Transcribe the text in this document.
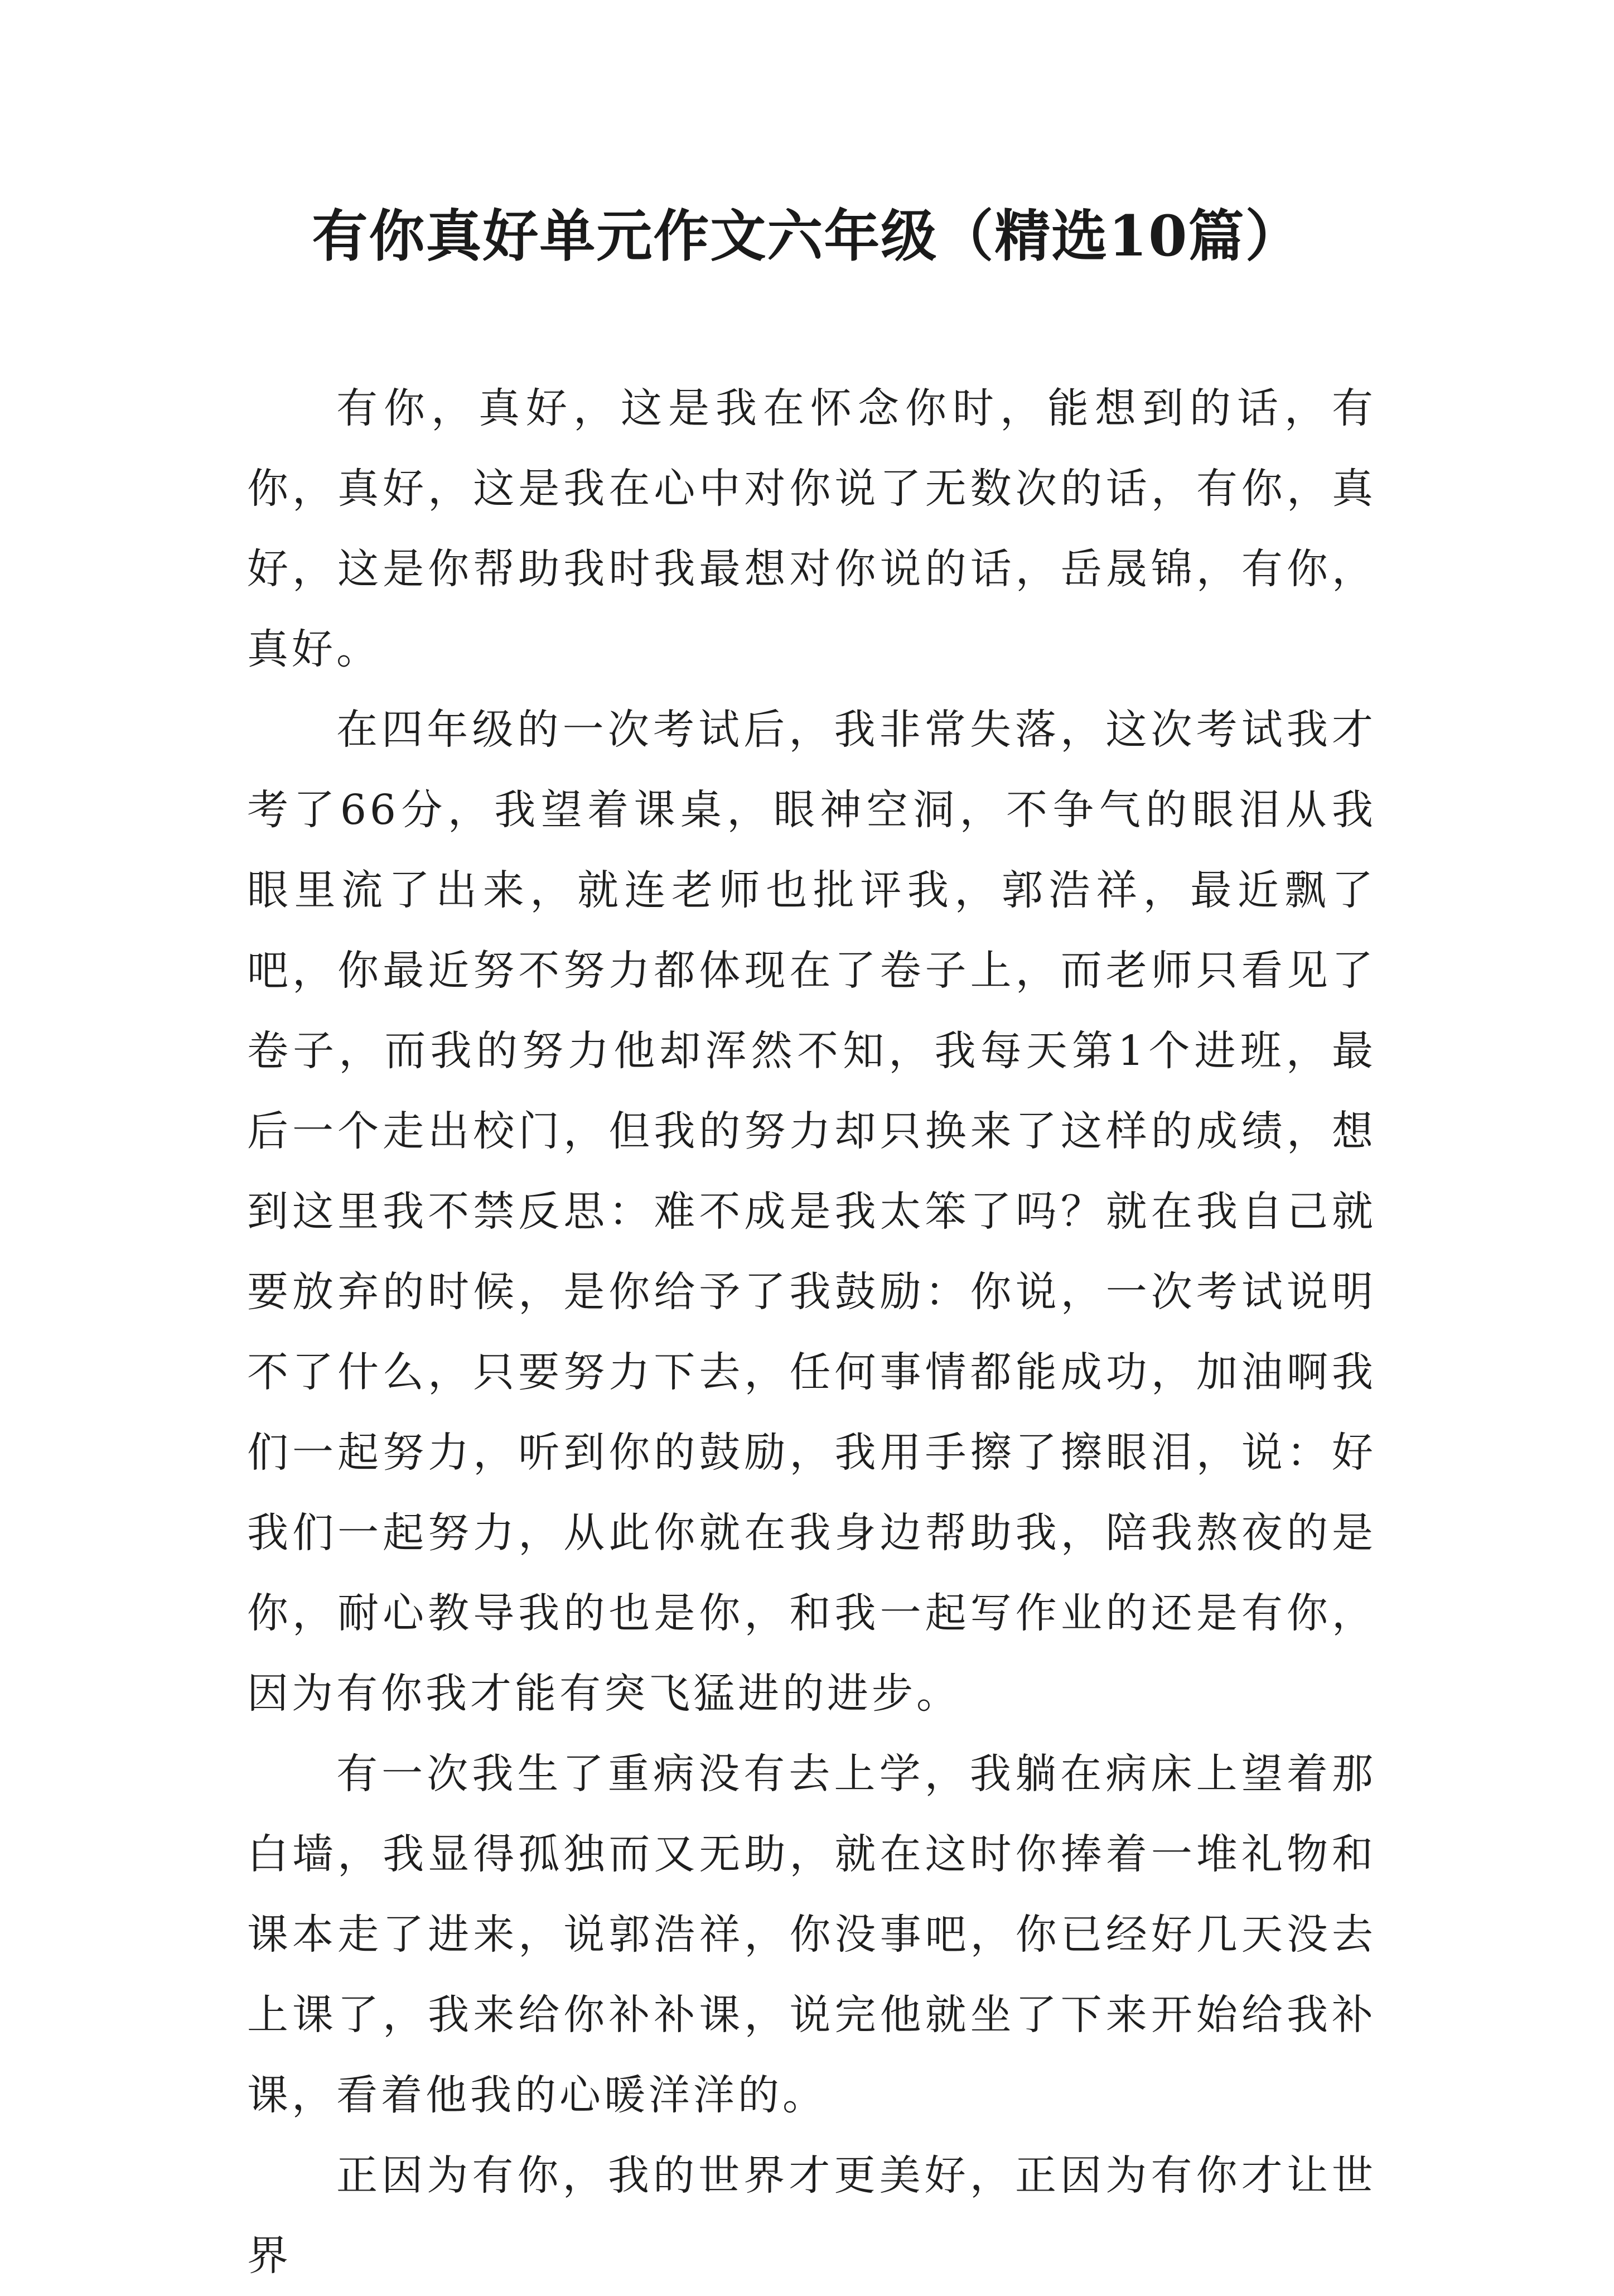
有你真好单元作文六年级（精选10篇）

有你，真好，这是我在怀念你时，能想到的话，有你，真好，这是我在心中对你说了无数次的话，有你，真好，这是你帮助我时我最想对你说的话，岳晟锦，有你，真好。

在四年级的一次考试后，我非常失落，这次考试我才考了66分，我望着课桌，眼神空洞，不争气的眼泪从我眼里流了出来，就连老师也批评我，郭浩祥，最近飘了吧，你最近努不努力都体现在了卷子上，而老师只看见了卷子，而我的努力他却浑然不知，我每天第1个进班，最后一个走出校门，但我的努力却只换来了这样的成绩，想到这里我不禁反思：难不成是我太笨了吗？就在我自己就要放弃的时候，是你给予了我鼓励：你说，一次考试说明不了什么，只要努力下去，任何事情都能成功，加油啊我们一起努力，听到你的鼓励，我用手擦了擦眼泪，说：好我们一起努力，从此你就在我身边帮助我，陪我熬夜的是你，耐心教导我的也是你，和我一起写作业的还是有你，因为有你我才能有突飞猛进的进步。

有一次我生了重病没有去上学，我躺在病床上望着那白墙，我显得孤独而又无助，就在这时你捧着一堆礼物和课本走了进来，说郭浩祥，你没事吧，你已经好几天没去上课了，我来给你补补课，说完他就坐了下来开始给我补课，看着他我的心暖洋洋的。

正因为有你，我的世界才更美好，正因为有你才让世界
